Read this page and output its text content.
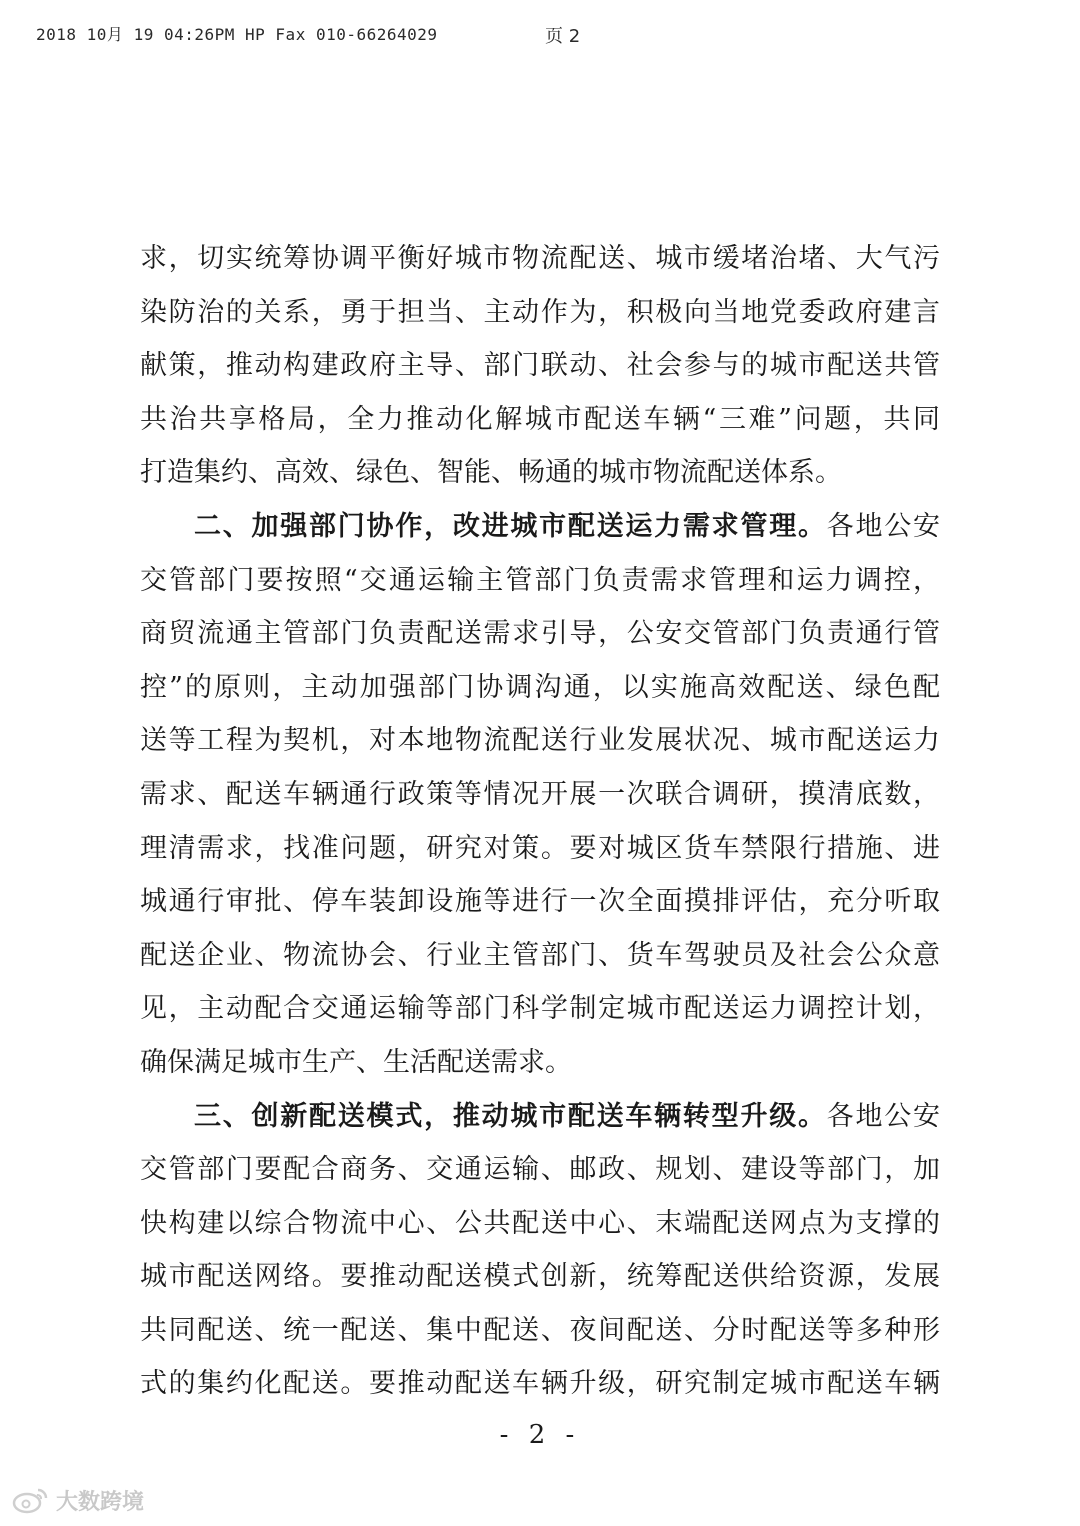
2018 10月 19 04:26PM HP Fax 010-66264029	页 2
求，切实统筹协调平衡好城市物流配送、城市缓堵治堵、大气污
染防治的关系，勇于担当、主动作为，积极向当地党委政府建言
献策，推动构建政府主导、部门联动、社会参与的城市配送共管
共治共享格局，全力推动化解城市配送车辆“三难”问题，共同
打造集约、高效、绿色、智能、畅通的城市物流配送体系。
二、加强部门协作，改进城市配送运力需求管理。各地公安
交管部门要按照“交通运输主管部门负责需求管理和运力调控，
商贸流通主管部门负责配送需求引导，公安交管部门负责通行管
控”的原则，主动加强部门协调沟通，以实施高效配送、绿色配
送等工程为契机，对本地物流配送行业发展状况、城市配送运力
需求、配送车辆通行政策等情况开展一次联合调研，摸清底数，
理清需求，找准问题，研究对策。要对城区货车禁限行措施、进
城通行审批、停车装卸设施等进行一次全面摸排评估，充分听取
配送企业、物流协会、行业主管部门、货车驾驶员及社会公众意
见，主动配合交通运输等部门科学制定城市配送运力调控计划，
确保满足城市生产、生活配送需求。
三、创新配送模式，推动城市配送车辆转型升级。各地公安
交管部门要配合商务、交通运输、邮政、规划、建设等部门，加
快构建以综合物流中心、公共配送中心、末端配送网点为支撑的
城市配送网络。要推动配送模式创新，统筹配送供给资源，发展
共同配送、统一配送、集中配送、夜间配送、分时配送等多种形
式的集约化配送。要推动配送车辆升级，研究制定城市配送车辆
- 2 -
大数跨境
